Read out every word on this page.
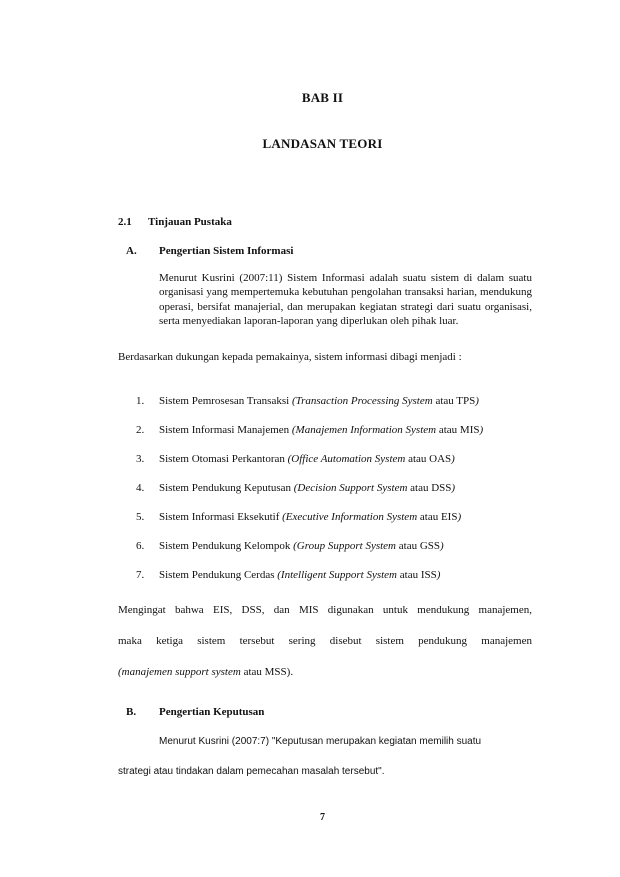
BAB II
LANDASAN TEORI
2.1 Tinjauan Pustaka
A. Pengertian Sistem Informasi
Menurut Kusrini (2007:11) Sistem Informasi adalah suatu sistem di dalam suatu organisasi yang mempertemuka kebutuhan pengolahan transaksi harian, mendukung operasi, bersifat manajerial, dan merupakan kegiatan strategi dari suatu organisasi, serta menyediakan laporan-laporan yang diperlukan oleh pihak luar.
Berdasarkan dukungan kepada pemakainya, sistem informasi dibagi menjadi :
1. Sistem Pemrosesan Transaksi (Transaction Processing System atau TPS)
2. Sistem Informasi Manajemen (Manajemen Information System atau MIS)
3. Sistem Otomasi Perkantoran (Office Automation System atau OAS)
4. Sistem Pendukung Keputusan (Decision Support System atau DSS)
5. Sistem Informasi Eksekutif (Executive Information System atau EIS)
6. Sistem Pendukung Kelompok (Group Support System atau GSS)
7. Sistem Pendukung Cerdas (Intelligent Support System atau ISS)
Mengingat bahwa EIS, DSS, dan MIS digunakan untuk mendukung manajemen,
maka ketiga sistem tersebut sering disebut sistem pendukung manajemen
(manajemen support system atau MSS).
B. Pengertian Keputusan
Menurut Kusrini (2007:7) "Keputusan merupakan kegiatan memilih suatu
strategi atau tindakan dalam pemecahan masalah tersebut".
7
